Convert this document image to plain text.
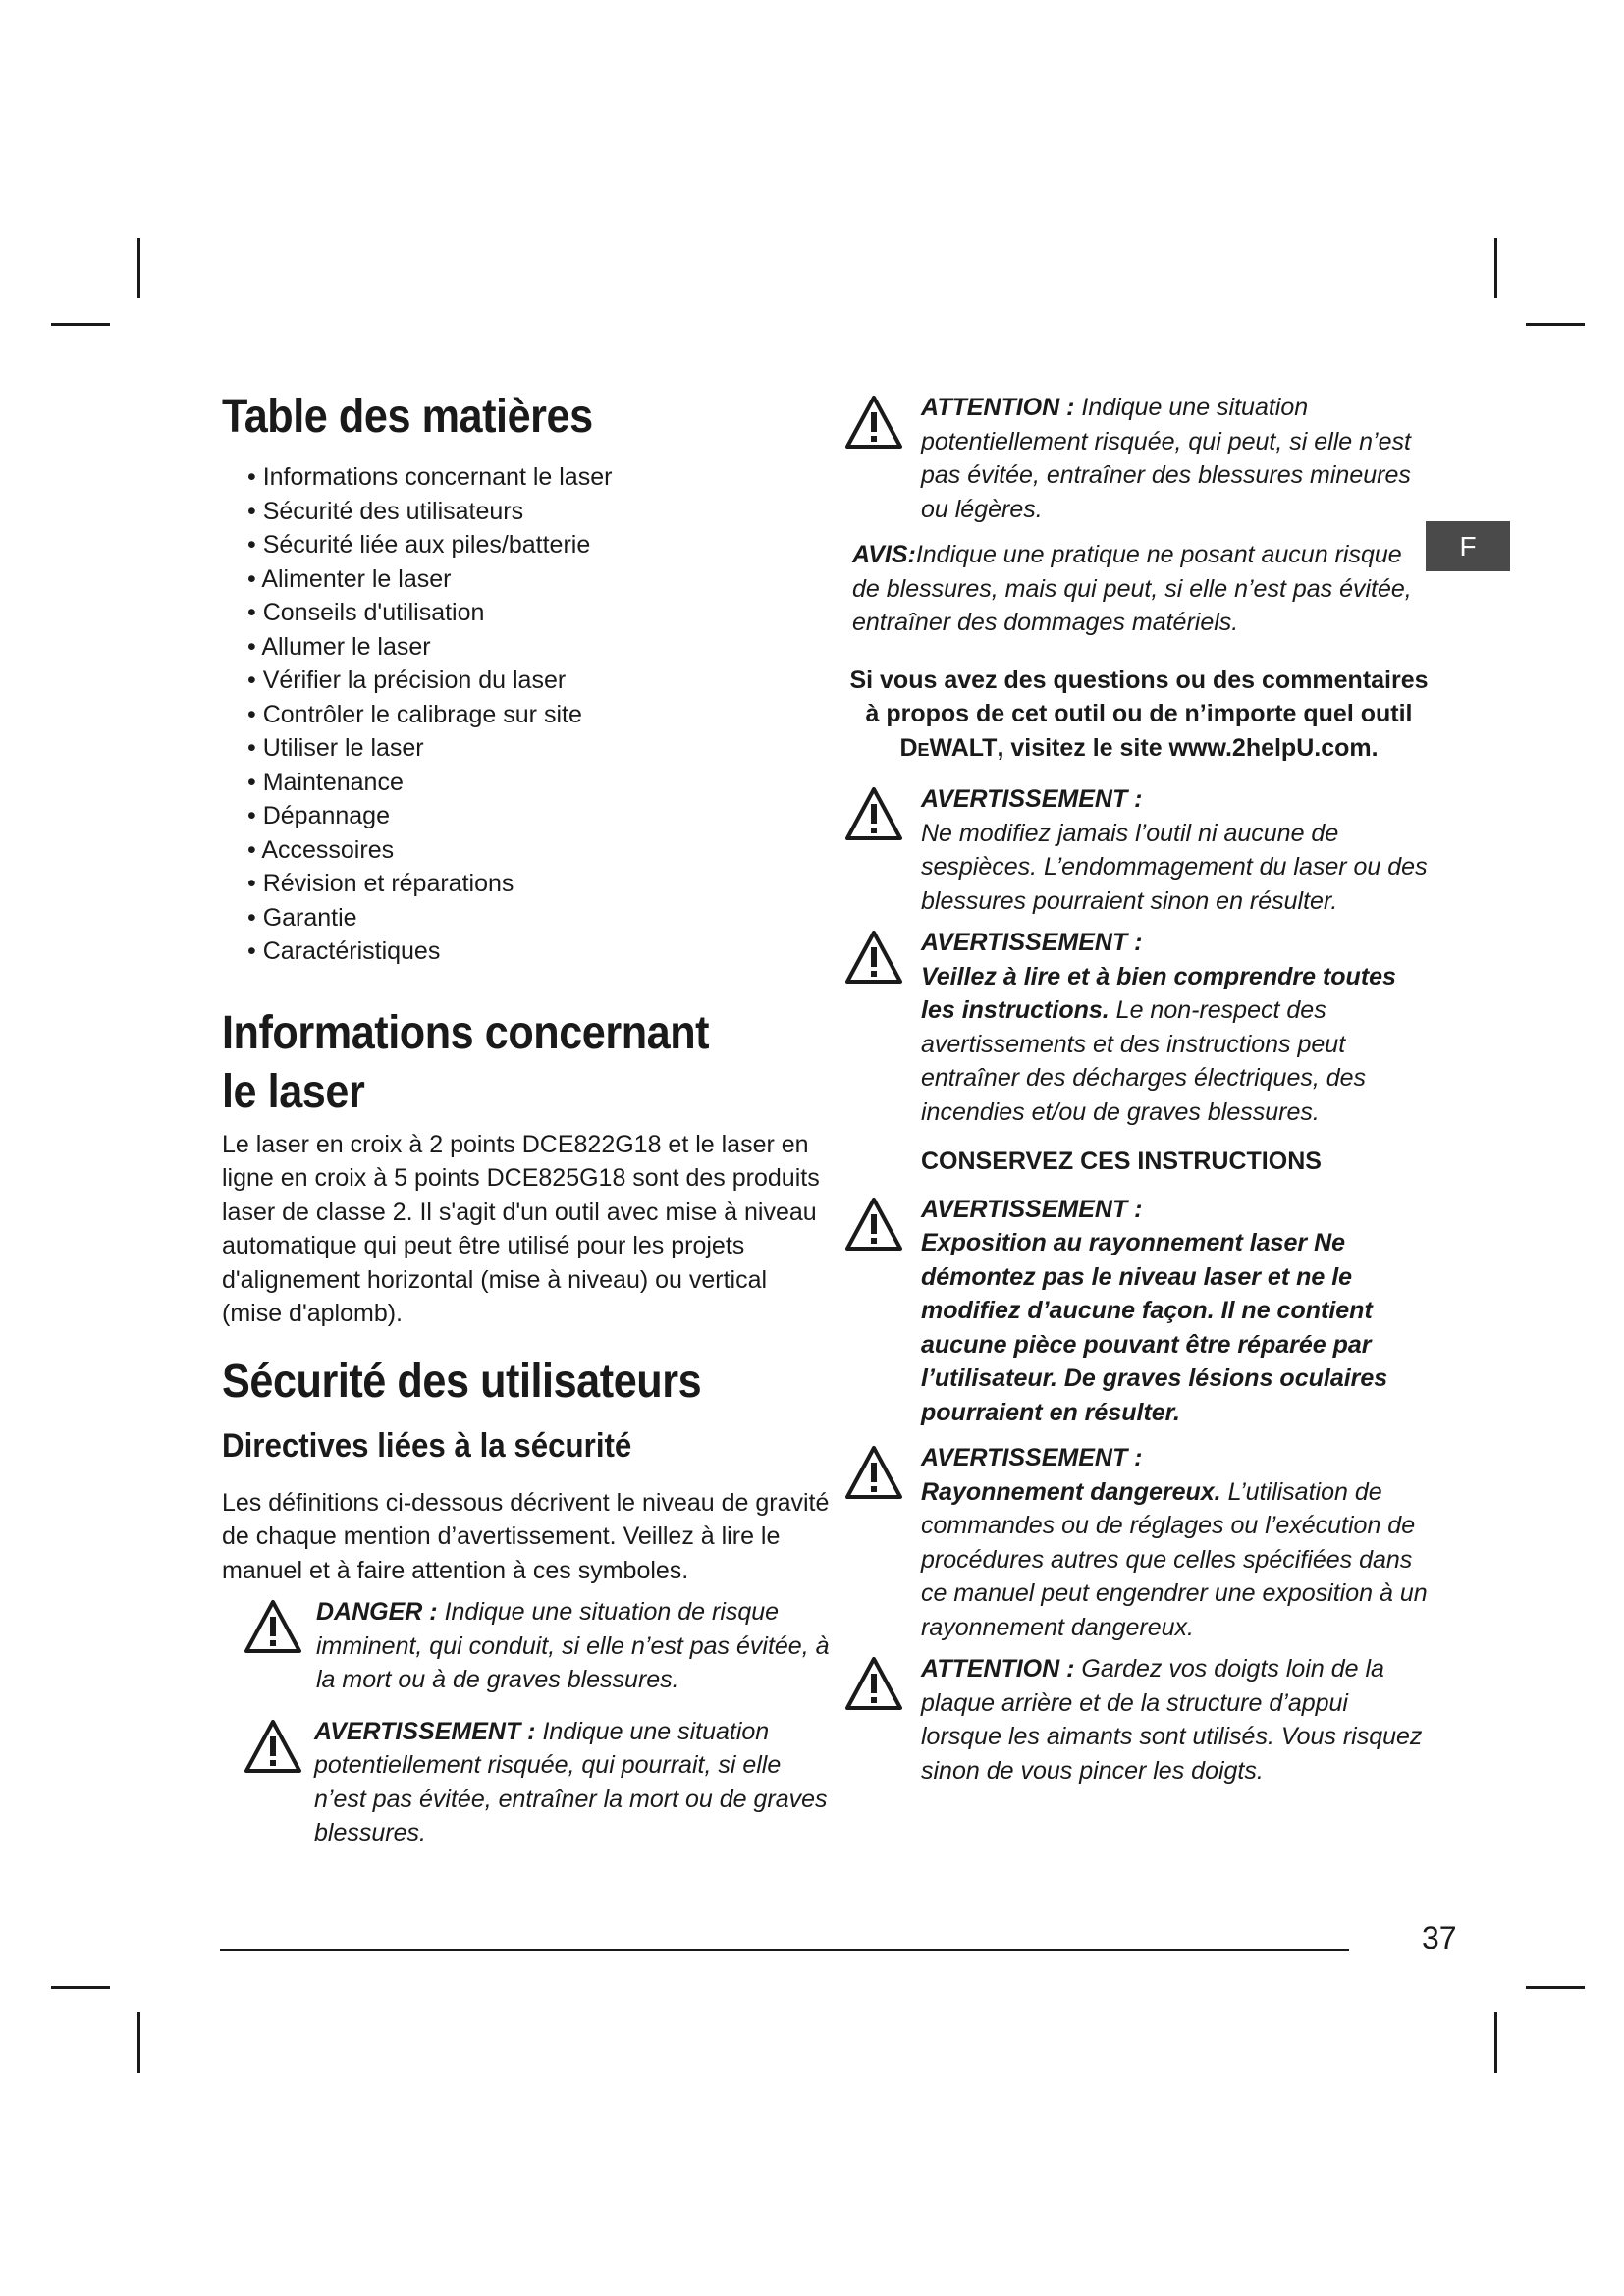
F
Table des matières
• Informations concernant le laser
• Sécurité des utilisateurs
• Sécurité liée aux piles/batterie
• Alimenter le laser
• Conseils d'utilisation
• Allumer le laser
• Vérifier la précision du laser
• Contrôler le calibrage sur site
• Utiliser le laser
• Maintenance
• Dépannage
• Accessoires
• Révision et réparations
• Garantie
• Caractéristiques
Informations concernant
le laser

Le laser en croix à 2 points DCE822G18 et le laser en ligne en croix à 5 points DCE825G18 sont des produits laser de classe 2. Il s'agit d'un outil avec mise à niveau automatique qui peut être utilisé pour les projets d'alignement horizontal (mise à niveau) ou vertical (mise d'aplomb).

Sécurité des utilisateurs
Directives liées à la sécurité

Les définitions ci-dessous décrivent le niveau de gravité de chaque mention d’avertissement. Veillez à lire le manuel et à faire attention à ces symboles.

DANGER : Indique une situation de risque imminent, qui conduit, si elle n’est pas évitée, à la mort ou à de graves blessures.
AVERTISSEMENT : Indique une situation potentiellement risquée, qui pourrait, si elle n’est pas évitée, entraîner la mort ou de graves blessures.
ATTENTION : Indique une situation potentiellement risquée, qui peut, si elle n’est pas évitée, entraîner des blessures mineures ou légères.

AVIS:Indique une pratique ne posant aucun risque de blessures, mais qui peut, si elle n’est pas évitée, entraîner des dommages matériels.

Si vous avez des questions ou des commentaires

à propos de cet outil ou de n’importe quel outil

DeWALT, visitez le site www.2helpU.com.

AVERTISSEMENT :
Ne modifiez jamais l’outil ni aucune de sespièces. L’endommagement du laser ou des blessures pourraient sinon en résulter.
AVERTISSEMENT :
Veillez à lire et à bien comprendre toutes les instructions. Le non-respect des avertissements et des instructions peut entraîner des décharges électriques, des incendies et/ou de graves blessures.

CONSERVEZ CES INSTRUCTIONS

AVERTISSEMENT :
Exposition au rayonnement laser Ne démontez pas le niveau laser et ne le modifiez d’aucune façon. Il ne contient aucune pièce pouvant être réparée par l’utilisateur. De graves lésions oculaires pourraient en résulter.
AVERTISSEMENT :
Rayonnement dangereux. L’utilisation de commandes ou de réglages ou l’exécution de procédures autres que celles spécifiées dans ce manuel peut engendrer une exposition à un rayonnement dangereux.
ATTENTION : Gardez vos doigts loin de la plaque arrière et de la structure d’appui lorsque les aimants sont utilisés. Vous risquez sinon de vous pincer les doigts.
37
